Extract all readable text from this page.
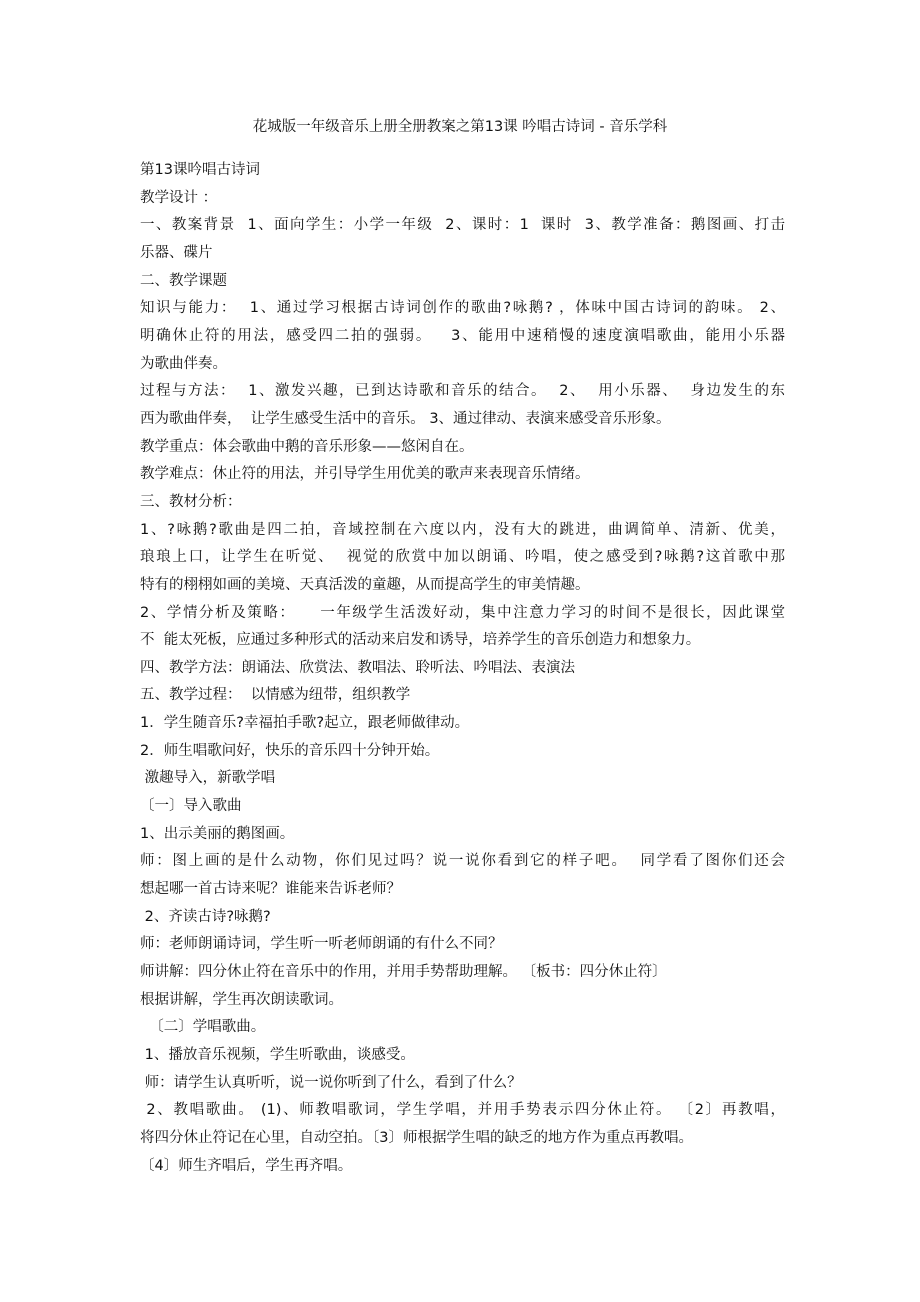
花城版一年级音乐上册全册教案之第13课 吟唱古诗词 - 音乐学科
第13课吟唱古诗词
教学设计 ：
一、教案背景  1、面向学生：小学一年级  2、课时：1  课时  3、教学准备：鹅图画、打击
乐器、碟片
二、教学课题
知识与能力：  1、通过学习根据古诗词创作的歌曲?咏鹅? ，体味中国古诗词的韵味。 2、
明确休止符的用法，感受四二拍的强弱。   3、能用中速稍慢的速度演唱歌曲，能用小乐器
为歌曲伴奏。
过程与方法：  1、激发兴趣，已到达诗歌和音乐的结合。  2、  用小乐器、  身边发生的东
西为歌曲伴奏，  让学生感受生活中的音乐。 3、通过律动、表演来感受音乐形象。
教学重点：体会歌曲中鹅的音乐形象——悠闲自在。
教学难点：休止符的用法，并引导学生用优美的歌声来表现音乐情绪。
三、教材分析：
1、?咏鹅?歌曲是四二拍，音域控制在六度以内，没有大的跳进，曲调简单、清新、优美，
琅琅上口，让学生在听觉、  视觉的欣赏中加以朗诵、吟唱，使之感受到?咏鹅?这首歌中那
特有的栩栩如画的美境、天真活泼的童趣，从而提高学生的审美情趣。
2、学情分析及策略：    一年级学生活泼好动，集中注意力学习的时间不是很长，因此课堂
不  能太死板，应通过多种形式的活动来启发和诱导，培养学生的音乐创造力和想象力。
四、教学方法：朗诵法、欣赏法、教唱法、聆听法、吟唱法、表演法
五、教学过程：  以情感为纽带，组织教学
1．学生随音乐?幸福拍手歌?起立，跟老师做律动。
2．师生唱歌问好，快乐的音乐四十分钟开始。
激趣导入，新歌学唱
〔一〕导入歌曲
1、出示美丽的鹅图画。
师：图上画的是什么动物，你们见过吗？说一说你看到它的样子吧。  同学看了图你们还会
想起哪一首古诗来呢？谁能来告诉老师？
2、齐读古诗?咏鹅?
师：老师朗诵诗词，学生听一听老师朗诵的有什么不同？
师讲解：四分休止符在音乐中的作用，并用手势帮助理解。 〔板书：四分休止符〕
根据讲解，学生再次朗读歌词。
〔二〕学唱歌曲。
1、播放音乐视频，学生听歌曲，谈感受。
师：请学生认真听听，说一说你听到了什么，看到了什么？
2、教唱歌曲。 (1)、师教唱歌词，学生学唱，并用手势表示四分休止符。 〔2〕再教唱，
将四分休止符记在心里，自动空拍。〔3〕师根据学生唱的缺乏的地方作为重点再教唱。
〔4〕师生齐唱后，学生再齐唱。
